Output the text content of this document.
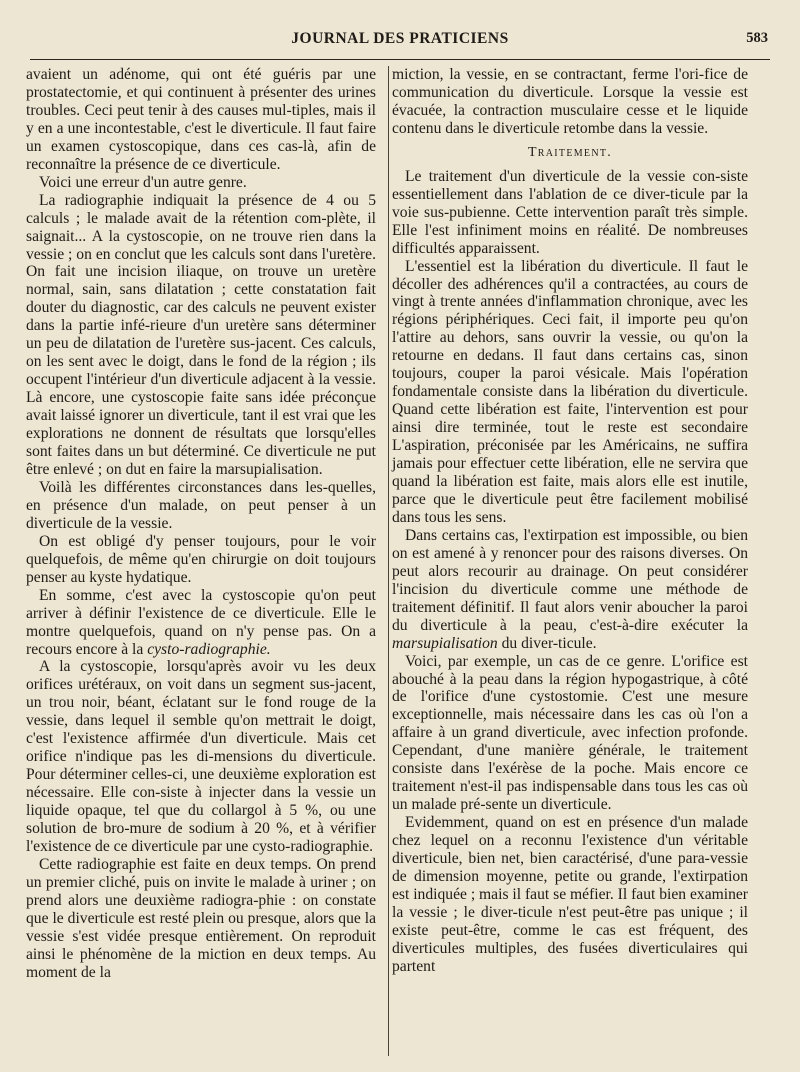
JOURNAL DES PRATICIENS	583

avaient un adénome, qui ont été guéris par une prostatectomie, et qui continuent à présenter des urines troubles. Ceci peut tenir à des causes mul-tiples, mais il y en a une incontestable, c'est le diverticule. Il faut faire un examen cystoscopique, dans ces cas-là, afin de reconnaître la présence de ce diverticule.

Voici une erreur d'un autre genre.

La radiographie indiquait la présence de 4 ou 5 calculs ; le malade avait de la rétention com-plète, il saignait... A la cystoscopie, on ne trouve rien dans la vessie ; on en conclut que les calculs sont dans l'uretère. On fait une incision iliaque, on trouve un uretère normal, sain, sans dilatation ; cette constatation fait douter du diagnostic, car des calculs ne peuvent exister dans la partie infé-rieure d'un uretère sans déterminer un peu de dilatation de l'uretère sus-jacent. Ces calculs, on les sent avec le doigt, dans le fond de la région ; ils occupent l'intérieur d'un diverticule adjacent à la vessie. Là encore, une cystoscopie faite sans idée préconçue avait laissé ignorer un diverticule, tant il est vrai que les explorations ne donnent de résultats que lorsqu'elles sont faites dans un but déterminé. Ce diverticule ne put être enlevé ; on dut en faire la marsupialisation.

Voilà les différentes circonstances dans les-quelles, en présence d'un malade, on peut penser à un diverticule de la vessie.

On est obligé d'y penser toujours, pour le voir quelquefois, de même qu'en chirurgie on doit toujours penser au kyste hydatique.

En somme, c'est avec la cystoscopie qu'on peut arriver à définir l'existence de ce diverticule. Elle le montre quelquefois, quand on n'y pense pas. On a recours encore à la cysto-radiographie.

A la cystoscopie, lorsqu'après avoir vu les deux orifices urétéraux, on voit dans un segment sus-jacent, un trou noir, béant, éclatant sur le fond rouge de la vessie, dans lequel il semble qu'on mettrait le doigt, c'est l'existence affirmée d'un diverticule. Mais cet orifice n'indique pas les di-mensions du diverticule. Pour déterminer celles-ci, une deuxième exploration est nécessaire. Elle con-siste à injecter dans la vessie un liquide opaque, tel que du collargol à 5 %, ou une solution de bro-mure de sodium à 20 %, et à vérifier l'existence de ce diverticule par une cysto-radiographie.

Cette radiographie est faite en deux temps. On prend un premier cliché, puis on invite le malade à uriner ; on prend alors une deuxième radiogra-phie : on constate que le diverticule est resté plein ou presque, alors que la vessie s'est vidée presque entièrement. On reproduit ainsi le phénomène de la miction en deux temps. Au moment de la

miction, la vessie, en se contractant, ferme l'ori-fice de communication du diverticule. Lorsque la vessie est évacuée, la contraction musculaire cesse et le liquide contenu dans le diverticule retombe dans la vessie.

Traitement.

Le traitement d'un diverticule de la vessie con-siste essentiellement dans l'ablation de ce diver-ticule par la voie sus-pubienne. Cette intervention paraît très simple. Elle l'est infiniment moins en réalité. De nombreuses difficultés apparaissent.

L'essentiel est la libération du diverticule. Il faut le décoller des adhérences qu'il a contractées, au cours de vingt à trente années d'inflammation chronique, avec les régions périphériques. Ceci fait, il importe peu qu'on l'attire au dehors, sans ouvrir la vessie, ou qu'on la retourne en dedans. Il faut dans certains cas, sinon toujours, couper la paroi vésicale. Mais l'opération fondamentale consiste dans la libération du diverticule. Quand cette libération est faite, l'intervention est pour ainsi dire terminée, tout le reste est secondaire L'aspiration, préconisée par les Américains, ne suffira jamais pour effectuer cette libération, elle ne servira que quand la libération est faite, mais alors elle est inutile, parce que le diverticule peut être facilement mobilisé dans tous les sens.

Dans certains cas, l'extirpation est impossible, ou bien on est amené à y renoncer pour des raisons diverses. On peut alors recourir au drainage. On peut considérer l'incision du diverticule comme une méthode de traitement définitif. Il faut alors venir aboucher la paroi du diverticule à la peau, c'est-à-dire exécuter la marsupialisation du diver-ticule.

Voici, par exemple, un cas de ce genre. L'orifice est abouché à la peau dans la région hypogastrique, à côté de l'orifice d'une cystostomie. C'est une mesure exceptionnelle, mais nécessaire dans les cas où l'on a affaire à un grand diverticule, avec infection profonde. Cependant, d'une manière générale, le traitement consiste dans l'exérèse de la poche. Mais encore ce traitement n'est-il pas indispensable dans tous les cas où un malade pré-sente un diverticule.

Evidemment, quand on est en présence d'un malade chez lequel on a reconnu l'existence d'un véritable diverticule, bien net, bien caractérisé, d'une para-vessie de dimension moyenne, petite ou grande, l'extirpation est indiquée ; mais il faut se méfier. Il faut bien examiner la vessie ; le diver-ticule n'est peut-être pas unique ; il existe peut-être, comme le cas est fréquent, des diverticules multiples, des fusées diverticulaires qui partent
